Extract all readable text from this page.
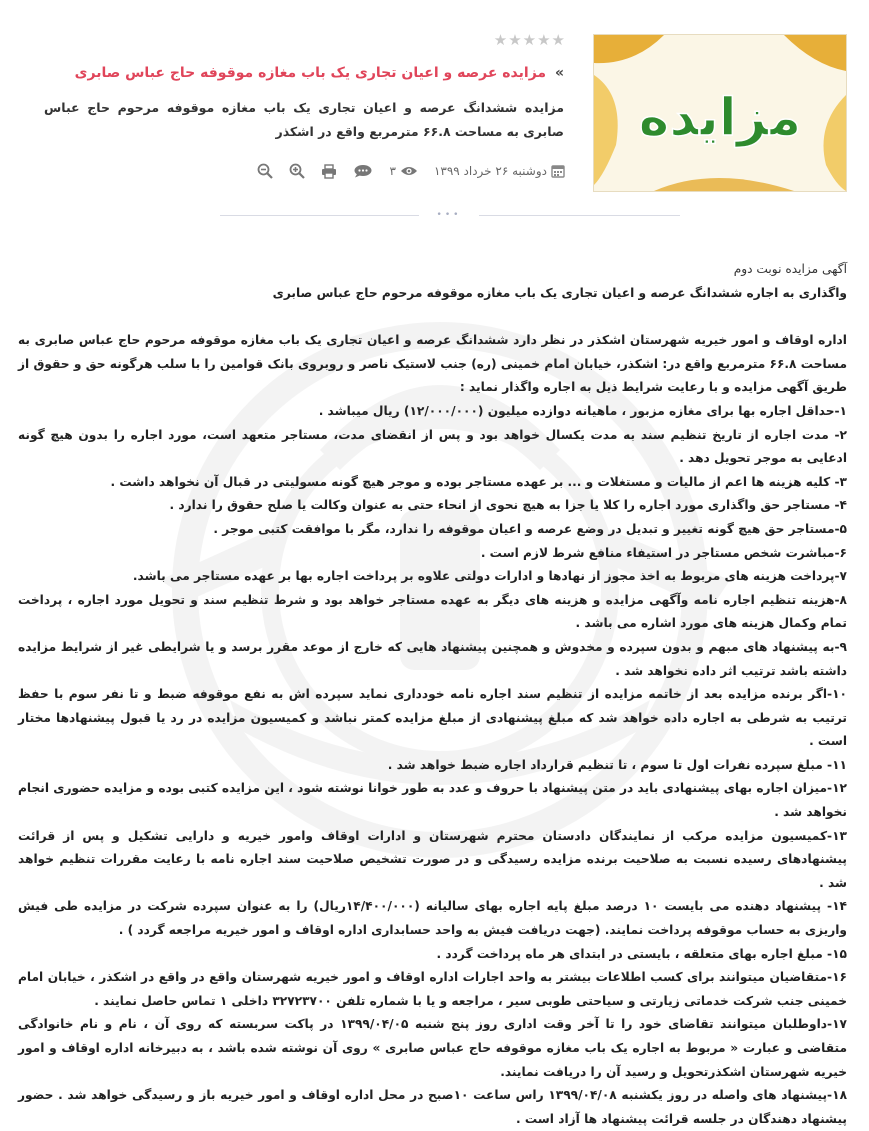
مزایده
★ ★ ★ ★ ★
» مزایده عرصه و اعیان تجاری یک باب مغازه موقوفه حاج عباس صابری
مزایده ششدانگ عرصه و اعیان تجاری یک باب مغازه موقوفه مرحوم حاج عباس صابری به مساحت ۶۶.۸ مترمربع واقع در اشکذر
دوشنبه ۲۶ خرداد ۱۳۹۹
۳
•••

آگهی مزایده نوبت دوم

واگذاری به اجاره ششدانگ عرصه و اعیان تجاری یک باب مغازه موقوفه مرحوم حاج عباس صابری

اداره اوقاف و امور خیریه شهرستان اشکذر در نظر دارد ششدانگ عرصه و اعیان تجاری یک باب مغازه موقوفه مرحوم حاج عباس صابری به مساحت ۶۶.۸ مترمربع واقع در: اشکذر، خیابان امام خمینی (ره) جنب لاستیک ناصر و روبروی بانک قوامین را با سلب هرگونه حق و حقوق از طریق آگهی مزایده و با رعایت شرایط ذیل به اجاره واگذار نماید :

۱-حداقل اجاره بها برای مغازه مزبور ، ماهیانه دوازده میلیون (۱۲/۰۰۰/۰۰۰) ریال میباشد .

۲- مدت اجاره از تاریخ تنظیم سند به مدت یکسال خواهد بود و پس از انقضای مدت، مستاجر متعهد است، مورد اجاره را بدون هیچ گونه ادعایی به موجر تحویل دهد .

۳- کلیه هزینه ها اعم از مالیات و مستغلات و ... بر عهده مستاجر بوده و موجر هیچ گونه مسولیتی در قبال آن نخواهد داشت .

۴- مستاجر حق واگذاری مورد اجاره را کلا یا جزا به هیچ نحوی از انحاء حتی به عنوان وکالت یا صلح حقوق را ندارد .

۵-مستاجر حق هیچ گونه تغییر و تبدیل در وضع عرصه و اعیان موقوفه را ندارد، مگر با موافقت کتبی موجر .

۶-مباشرت شخص مستاجر در استیفاء منافع شرط لازم است .

۷-پرداخت هزینه های مربوط به اخذ مجوز از نهادها و ادارات دولتی علاوه بر پرداخت اجاره بها بر عهده مستاجر می باشد.

۸-هزینه تنظیم اجاره نامه وآگهی مزایده و هزینه های دیگر به عهده مستاجر خواهد بود و شرط تنظیم سند و تحویل مورد اجاره ، پرداخت تمام وکمال هزینه های مورد اشاره می باشد .

۹-به پیشنهاد های مبهم و بدون سپرده و مخدوش و همچنین پیشنهاد هایی که خارج از موعد مقرر برسد و یا شرایطی غیر از شرایط مزایده داشته باشد ترتیب اثر داده نخواهد شد .

۱۰-اگر برنده مزایده بعد از خاتمه مزایده از تنظیم سند اجاره نامه خودداری نماید سپرده اش به نفع موقوفه ضبط و تا نفر سوم با حفظ ترتیب به شرطی به اجاره داده خواهد شد که مبلغ پیشنهادی از مبلغ مزایده کمتر نباشد و کمیسیون مزایده در رد یا قبول پیشنهادها مختار است .

۱۱- مبلغ سپرده نفرات اول تا سوم ، تا تنظیم قرارداد اجاره ضبط خواهد شد .

۱۲-میزان اجاره بهای پیشنهادی باید در متن پیشنهاد با حروف و عدد به طور خوانا نوشته شود ، این مزایده کتبی بوده و مزایده حضوری انجام نخواهد شد .

۱۳-کمیسیون مزایده مرکب از نمایندگان دادستان محترم شهرستان و ادارات اوقاف وامور خیریه و دارایی تشکیل و پس از قرائت پیشنهادهای رسیده نسبت به صلاحیت برنده مزایده رسیدگی و در صورت تشخیص صلاحیت سند اجاره نامه با رعایت مقررات تنظیم خواهد شد .

۱۴- پیشنهاد دهنده می بایست ۱۰ درصد مبلغ پایه اجاره بهای سالیانه (۱۴/۴۰۰/۰۰۰ریال) را به عنوان سپرده شرکت در مزایده طی فیش واریزی به حساب موقوفه پرداخت نمایند. (جهت دریافت فیش به واحد حسابداری اداره اوقاف و امور خیریه مراجعه گردد ) .

۱۵- مبلغ اجاره بهای متعلقه ، بایستی در ابتدای هر ماه پرداخت گردد .

۱۶-متقاضیان میتوانند برای کسب اطلاعات بیشتر به واحد اجارات اداره اوقاف و امور خیریه شهرستان واقع در واقع در اشکذر ، خیابان امام خمینی جنب شرکت خدماتی زیارتی و سیاحتی طوبی سیر ، مراجعه و یا با شماره تلفن ۳۲۷۲۳۷۰۰ داخلی ۱ تماس حاصل نمایند .

۱۷-داوطلبان میتوانند تقاضای خود را تا آخر وقت اداری روز پنج شنبه ۱۳۹۹/۰۴/۰۵ در پاکت سربسته که روی آن ، نام و نام خانوادگی متقاضی و عبارت « مربوط به اجاره یک باب مغازه موقوفه حاج عباس صابری » روی آن نوشته شده باشد ، به دبیرخانه اداره اوقاف و امور خیریه شهرستان اشکذرتحویل و رسید آن را دریافت نمایند.

۱۸-پیشنهاد های واصله در روز یکشنبه ۱۳۹۹/۰۴/۰۸ راس ساعت ۱۰صبح در محل اداره اوقاف و امور خیریه باز و رسیدگی خواهد شد . حضور پیشنهاد دهندگان در جلسه قرائت پیشنهاد ها آزاد است .
